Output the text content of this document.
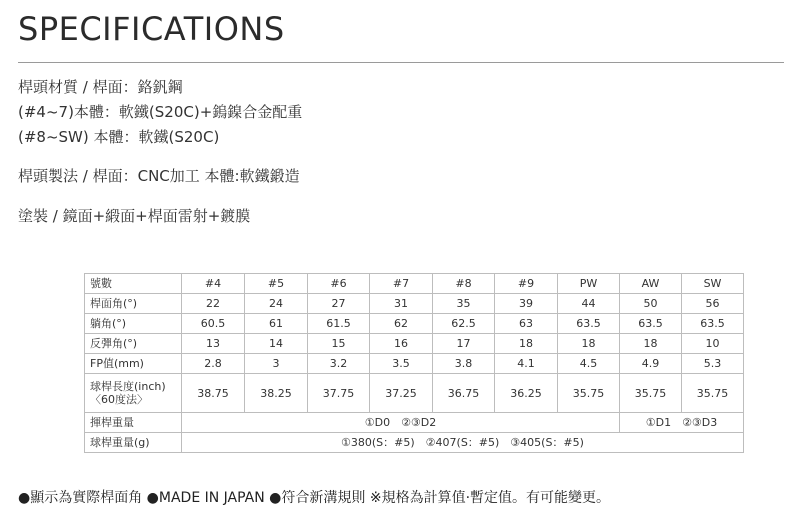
SPECIFICATIONS
桿頭材質 / 桿面：鉻釩鋼
(#4~7)本體：軟鐵(S20C)+鎢鎳合金配重
(#8~SW) 本體：軟鐵(S20C)
桿頭製法 / 桿面：CNC加工 本體:軟鐵鍛造
塗裝 / 鏡面+緞面+桿面雷射+鍍膜
號數	#4	#5	#6	#7	#8	#9	PW	AW	SW
桿面角(°)	22	24	27	31	35	39	44	50	56
躺角(°)	60.5	61	61.5	62	62.5	63	63.5	63.5	63.5
反彈角(°)	13	14	15	16	17	18	18	18	10
FP值(mm)	2.8	3	3.2	3.5	3.8	4.1	4.5	4.9	5.3

球桿長度(inch)
〈60度法〉	38.75	38.25	37.75	37.25	36.75	36.25	35.75	35.75	35.75
揮桿重量	①D0　②③D2							①D1　②③D3	
球桿重量(g)	①380(S：#5)　②407(S：#5)　③405(S：#5)								
●顯示為實際桿面角 ●MADE IN JAPAN ●符合新溝規則 ※規格為計算值·暫定值。有可能變更。
